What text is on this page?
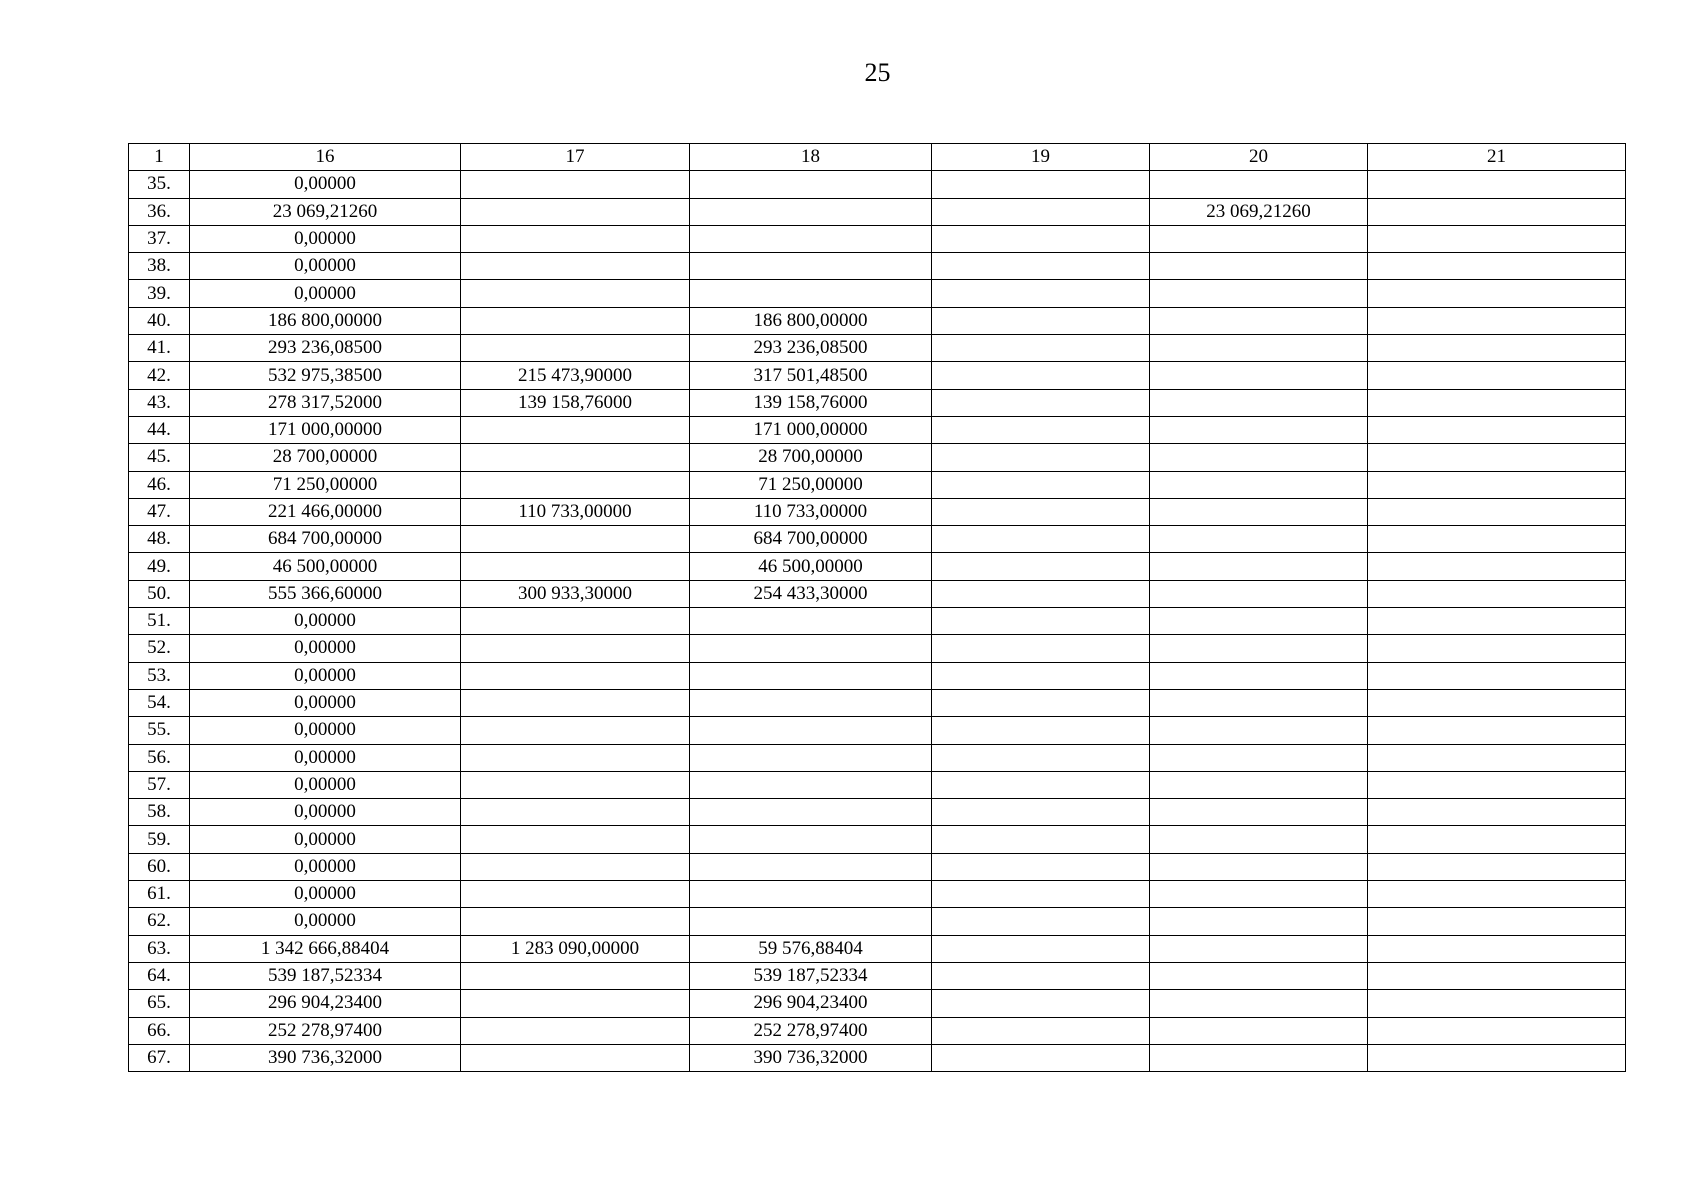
25
1	16	17	18	19	20	21
35.	0,00000					
36.	23 069,21260				23 069,21260	
37.	0,00000					
38.	0,00000					
39.	0,00000					
40.	186 800,00000		186 800,00000			
41.	293 236,08500		293 236,08500			
42.	532 975,38500	215 473,90000	317 501,48500			
43.	278 317,52000	139 158,76000	139 158,76000			
44.	171 000,00000		171 000,00000			
45.	28 700,00000		28 700,00000			
46.	71 250,00000		71 250,00000			
47.	221 466,00000	110 733,00000	110 733,00000			
48.	684 700,00000		684 700,00000			
49.	46 500,00000		46 500,00000			
50.	555 366,60000	300 933,30000	254 433,30000			
51.	0,00000					
52.	0,00000					
53.	0,00000					
54.	0,00000					
55.	0,00000					
56.	0,00000					
57.	0,00000					
58.	0,00000					
59.	0,00000					
60.	0,00000					
61.	0,00000					
62.	0,00000					
63.	1 342 666,88404	1 283 090,00000	59 576,88404			
64.	539 187,52334		539 187,52334			
65.	296 904,23400		296 904,23400			
66.	252 278,97400		252 278,97400			
67.	390 736,32000		390 736,32000			
